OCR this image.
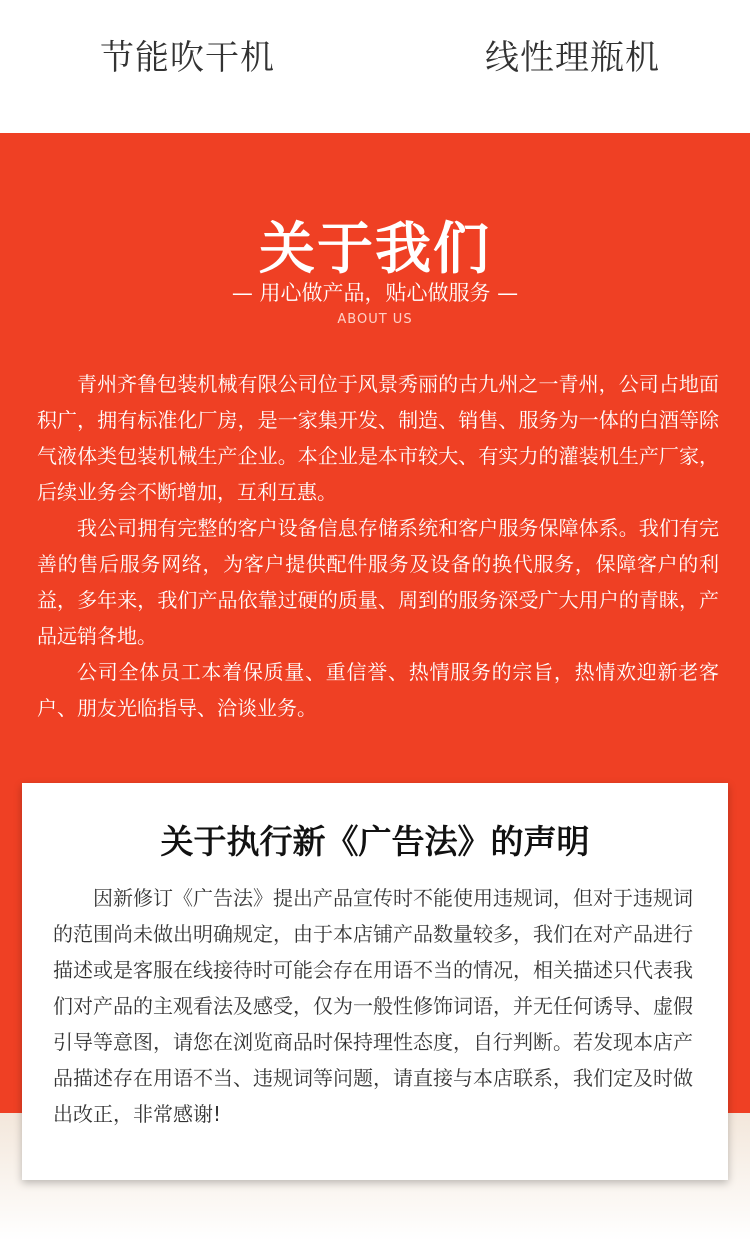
节能吹干机	线性理瓶机
关于我们
— 用心做产品，贴心做服务 —
ABOUT US

青州齐鲁包装机械有限公司位于风景秀丽的古九州之一青州，公司占地面积广，拥有标准化厂房，是一家集开发、制造、销售、服务为一体的白酒等除气液体类包装机械生产企业。本企业是本市较大、有实力的灌装机生产厂家，后续业务会不断增加，互利互惠。

我公司拥有完整的客户设备信息存储系统和客户服务保障体系。我们有完善的售后服务网络，为客户提供配件服务及设备的换代服务，保障客户的利益，多年来，我们产品依靠过硬的质量、周到的服务深受广大用户的青睐，产品远销各地。

公司全体员工本着保质量、重信誉、热情服务的宗旨，热情欢迎新老客户、朋友光临指导、洽谈业务。

关于执行新《广告法》的声明

因新修订《广告法》提出产品宣传时不能使用违规词，但对于违规词的范围尚未做出明确规定，由于本店铺产品数量较多，我们在对产品进行描述或是客服在线接待时可能会存在用语不当的情况，相关描述只代表我们对产品的主观看法及感受，仅为一般性修饰词语，并无任何诱导、虚假引导等意图，请您在浏览商品时保持理性态度，自行判断。若发现本店产品描述存在用语不当、违规词等问题，请直接与本店联系，我们定及时做出改正，非常感谢!
